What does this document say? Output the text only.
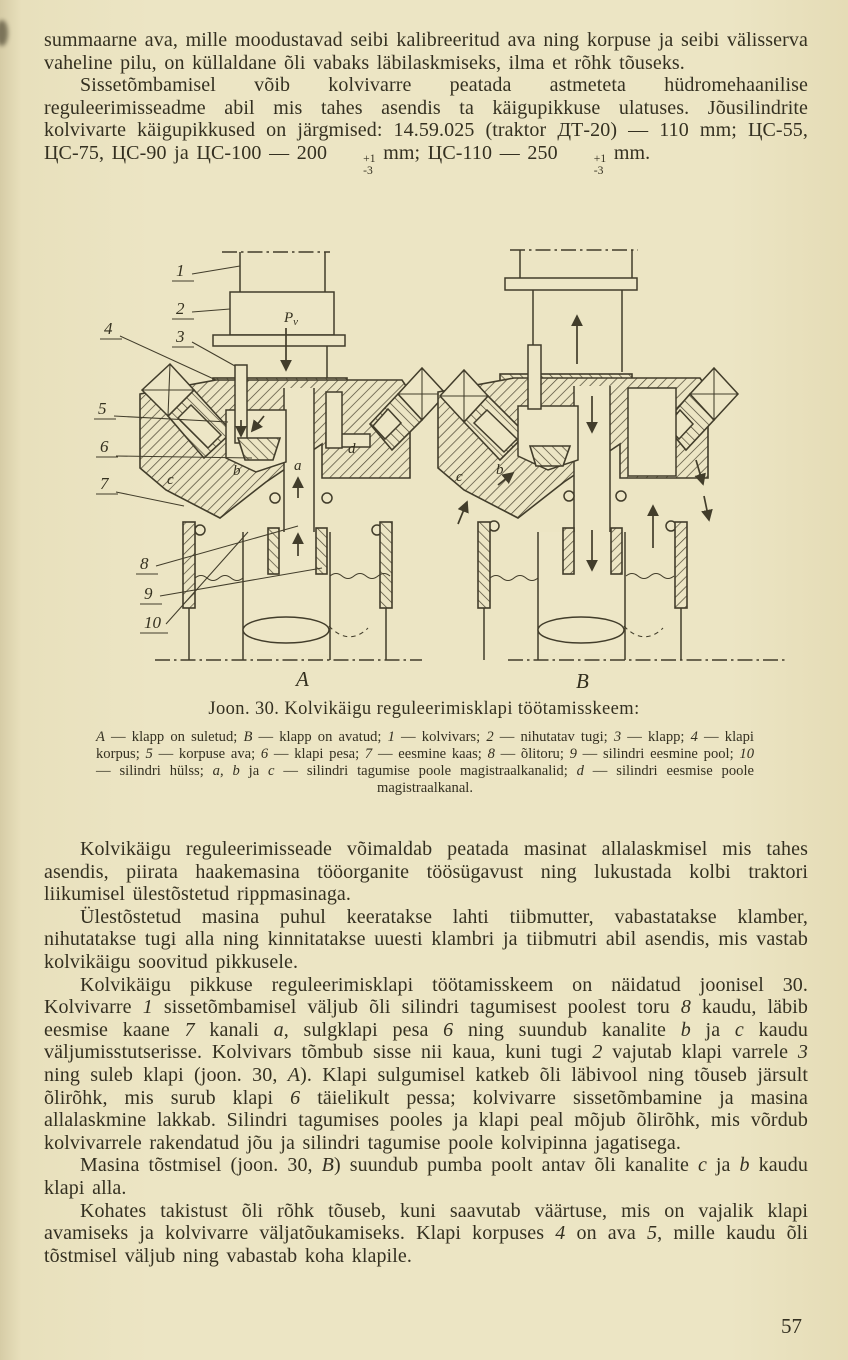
summaarne ava, mille moodustavad seibi kalibreeritud ava ning korpuse ja seibi välisserva vaheline pilu, on küllaldane õli vabaks läbilaskmiseks, ilma et rõhk tõuseks.

Sissetõmbamisel võib kolvivarre peatada astmeteta hüdromehaanilise reguleerimisseadme abil mis tahes asendis ta käigupikkuse ulatuses. Jõusilindrite kolvivarte käigupikkused on järgmised: 14.59.025 (traktor ДТ-20) — 110 mm; ЦС-55, ЦС-75, ЦС-90 ja ЦС-100 — 200	+1
-3
mm; ЦС-110 — 250	+1
-3
mm.

$P_v$
a
b
c
d
A
c b
B
1
2
4	3
5
6
7
8
9
10

Joon. 30. Kolvikäigu reguleerimisklapi töötamisskeem:

A — klapp on suletud; B — klapp on avatud; 1 — kolvivars; 2 — nihutatav tugi; 3 — klapp; 4 — klapi korpus; 5 — korpuse ava; 6 — klapi pesa; 7 — eesmine kaas; 8 — õlitoru; 9 — silindri eesmine pool; 10 — silindri hülss; a, b ja c — silindri tagumise poole magistraalkanalid; d — silindri eesmise poole magistraalkanal.

Kolvikäigu reguleerimisseade võimaldab peatada masinat allalaskmisel mis tahes asendis, piirata haakemasina tööorganite töösügavust ning lukustada kolbi traktori liikumisel ülestõstetud rippmasinaga.

Ülestõstetud masina puhul keeratakse lahti tiibmutter, vabastatakse klamber, nihutatakse tugi alla ning kinnitatakse uuesti klambri ja tiibmutri abil asendis, mis vastab kolvikäigu soovitud pikkusele.

Kolvikäigu pikkuse reguleerimisklapi töötamisskeem on näidatud joonisel 30. Kolvivarre 1 sissetõmbamisel väljub õli silindri tagumisest poolest toru 8 kaudu, läbib eesmise kaane 7 kanali a, sulgklapi pesa 6 ning suundub kanalite b ja c kaudu väljumisstutserisse. Kolvivars tõmbub sisse nii kaua, kuni tugi 2 vajutab klapi varrele 3 ning suleb klapi (joon. 30, A). Klapi sulgumisel katkeb õli läbivool ning tõuseb järsult õlirõhk, mis surub klapi 6 täielikult pessa; kolvivarre sissetõmbamine ja masina allalaskmine lakkab. Silindri tagumises pooles ja klapi peal mõjub õlirõhk, mis võrdub kolvivarrele rakendatud jõu ja silindri tagumise poole kolvipinna jagatisega.

Masina tõstmisel (joon. 30, B) suundub pumba poolt antav õli kanalite c ja b kaudu klapi alla.

Kohates takistust õli rõhk tõuseb, kuni saavutab väärtuse, mis on vajalik klapi avamiseks ja kolvivarre väljatõukamiseks. Klapi korpuses 4 on ava 5, mille kaudu õli tõstmisel väljub ning vabastab koha klapile.

57
